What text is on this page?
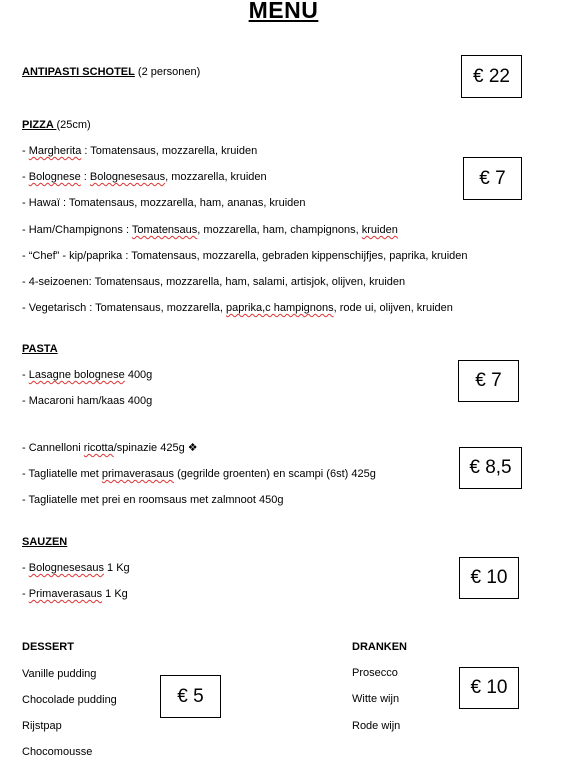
MENU
ANTIPASTI SCHOTEL (2 personen)	€ 22
PIZZA (25cm)
- Margherita : Tomatensaus, mozzarella, kruiden
- Bolognese : Bolognesesaus, mozzarella, kruiden
- Hawaï : Tomatensaus, mozzarella, ham, ananas, kruiden
- Ham/Champignons : Tomatensaus, mozzarella, ham, champignons, kruiden
- “Chef” - kip/paprika : Tomatensaus, mozzarella, gebraden kippenschijfjes, paprika, kruiden
- 4-seizoenen: Tomatensaus, mozzarella, ham, salami, artisjok, olijven, kruiden
- Vegetarisch : Tomatensaus, mozzarella, paprika,c hampignons, rode ui, olijven, kruiden
€ 7
PASTA
- Lasagne bolognese 400g
- Macaroni ham/kaas 400g
€ 7
- Cannelloni ricotta/spinazie 425g ❖
- Tagliatelle met primaverasaus (gegrilde groenten) en scampi (6st) 425g
- Tagliatelle met prei en roomsaus met zalmnoot 450g
€ 8,5
SAUZEN
- Bolognesesaus 1 Kg
- Primaverasaus 1 Kg
€ 10
DESSERT
Vanille pudding
Chocolade pudding
Rijstpap
Chocomousse
€ 5
DRANKEN
Prosecco
Witte wijn
Rode wijn
€ 10
